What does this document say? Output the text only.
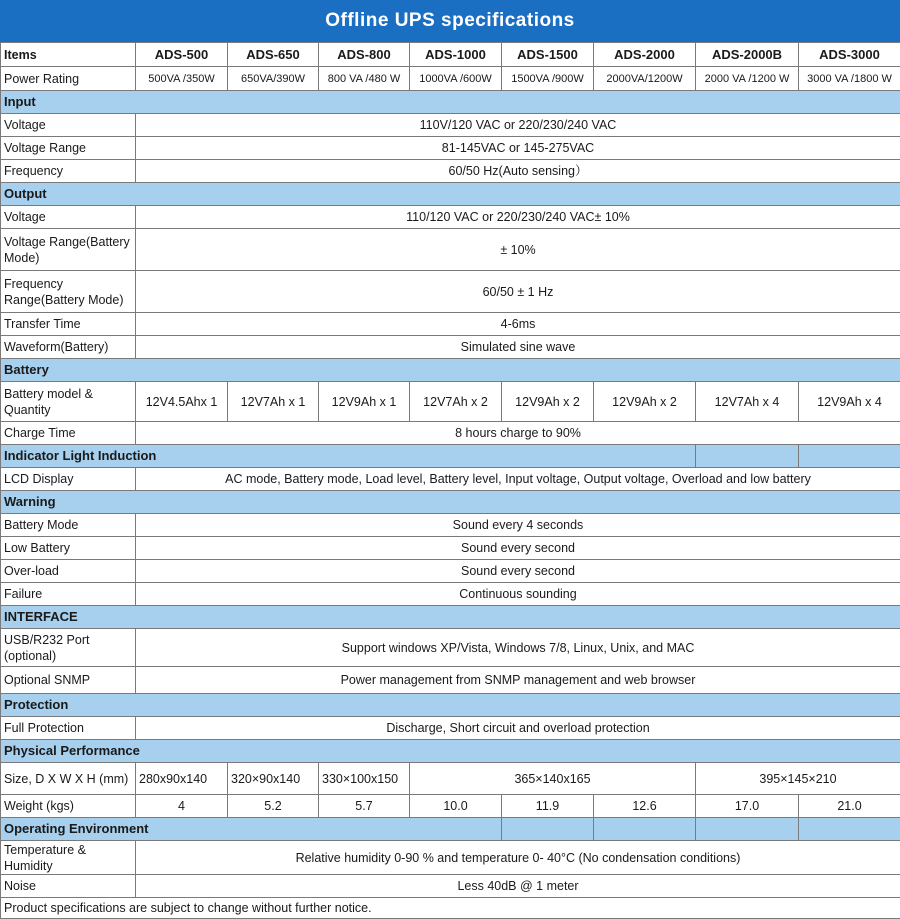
Offline UPS specifications
Items	ADS-500	ADS-650	ADS-800	ADS-1000	ADS-1500	ADS-2000	ADS-2000B	ADS-3000
Power Rating	500VA /350W	650VA/390W	800 VA /480 W	1000VA /600W	1500VA /900W	2000VA/1200W	2000 VA /1200 W	3000 VA /1800 W
Input								
Voltage	110V/120 VAC or 220/230/240 VAC							
Voltage Range	81-145VAC or 145-275VAC							
Frequency	60/50 Hz(Auto sensing）							
Output								
Voltage	110/120 VAC or 220/230/240 VAC± 10%							

Voltage Range(Battery
Mode)	± 10%							

Frequency
Range(Battery Mode)	60/50 ± 1 Hz							
Transfer Time	4-6ms							
Waveform(Battery)	Simulated sine wave							
Battery								

Battery model &
Quantity	12V4.5Ahx 1	12V7Ah x 1	12V9Ah x 1	12V7Ah x 2	12V9Ah x 2	12V9Ah x 2	12V7Ah x 4	12V9Ah x 4
Charge Time	8 hours charge to 90%							
Indicator Light Induction								
LCD Display	AC mode, Battery mode, Load level, Battery level, Input voltage, Output voltage, Overload and low battery							
Warning								
Battery Mode	Sound every 4 seconds							
Low Battery	Sound every second							
Over-load	Sound every second							
Failure	Continuous sounding							
INTERFACE								

USB/R232 Port
(optional)	Support windows XP/Vista, Windows 7/8, Linux, Unix, and MAC							
Optional SNMP	Power management from SNMP management and web browser							
Protection								
Full Protection	Discharge, Short circuit and overload protection							
Physical Performance								
Size, D X W X H (mm)	280x90x140	320×90x140	330×100x150	365×140x165			395×145×210	
Weight (kgs)	4	5.2	5.7	10.0	11.9	12.6	17.0	21.0
Operating Environment								

Temperature &
Humidity	Relative humidity 0-90 % and temperature 0- 40°C (No condensation conditions)							
Noise	Less 40dB @ 1 meter							
Product specifications are subject to change without further notice.								
